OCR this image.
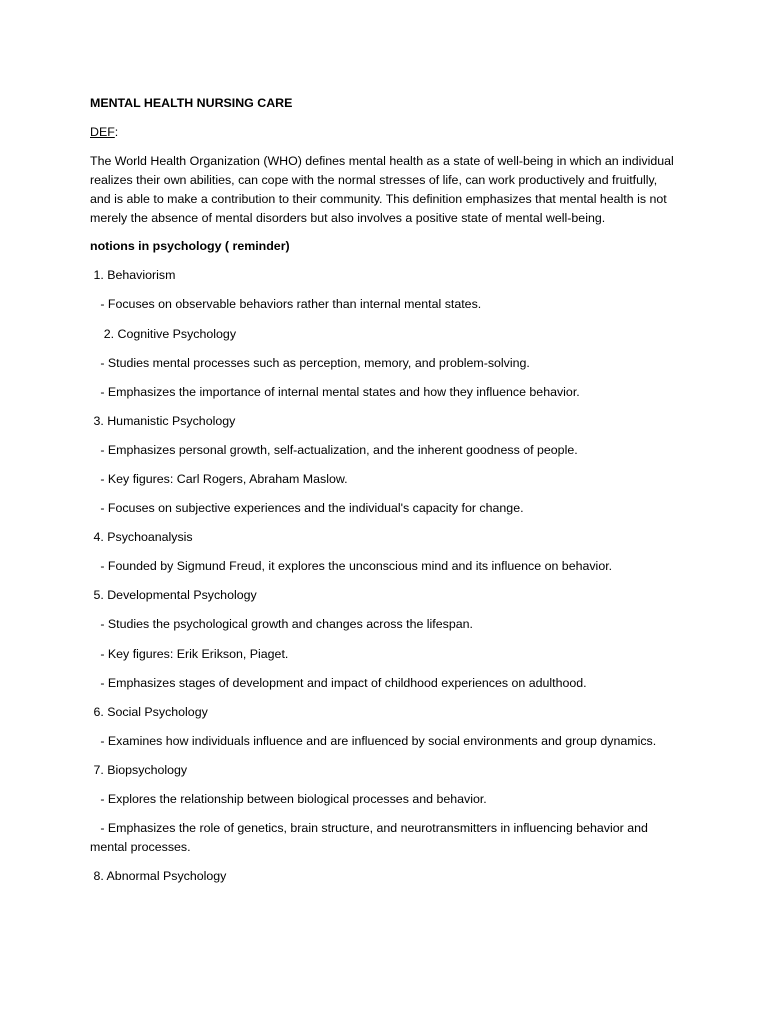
MENTAL HEALTH NURSING CARE
DEF:
The World Health Organization (WHO) defines mental health as a state of well-being in which an individual realizes their own abilities, can cope with the normal stresses of life, can work productively and fruitfully, and is able to make a contribution to their community. This definition emphasizes that mental health is not merely the absence of mental disorders but also involves a positive state of mental well-being.
notions in psychology ( reminder)
1. Behaviorism
- Focuses on observable behaviors rather than internal mental states.
2. Cognitive Psychology
- Studies mental processes such as perception, memory, and problem-solving.
- Emphasizes the importance of internal mental states and how they influence behavior.
3. Humanistic Psychology
- Emphasizes personal growth, self-actualization, and the inherent goodness of people.
- Key figures: Carl Rogers, Abraham Maslow.
- Focuses on subjective experiences and the individual's capacity for change.
4. Psychoanalysis
- Founded by Sigmund Freud, it explores the unconscious mind and its influence on behavior.
5. Developmental Psychology
- Studies the psychological growth and changes across the lifespan.
- Key figures: Erik Erikson, Piaget.
- Emphasizes stages of development and impact of childhood experiences on adulthood.
6. Social Psychology
- Examines how individuals influence and are influenced by social environments and group dynamics.
7. Biopsychology
- Explores the relationship between biological processes and behavior.
- Emphasizes the role of genetics, brain structure, and neurotransmitters in influencing behavior and mental processes.
8. Abnormal Psychology
